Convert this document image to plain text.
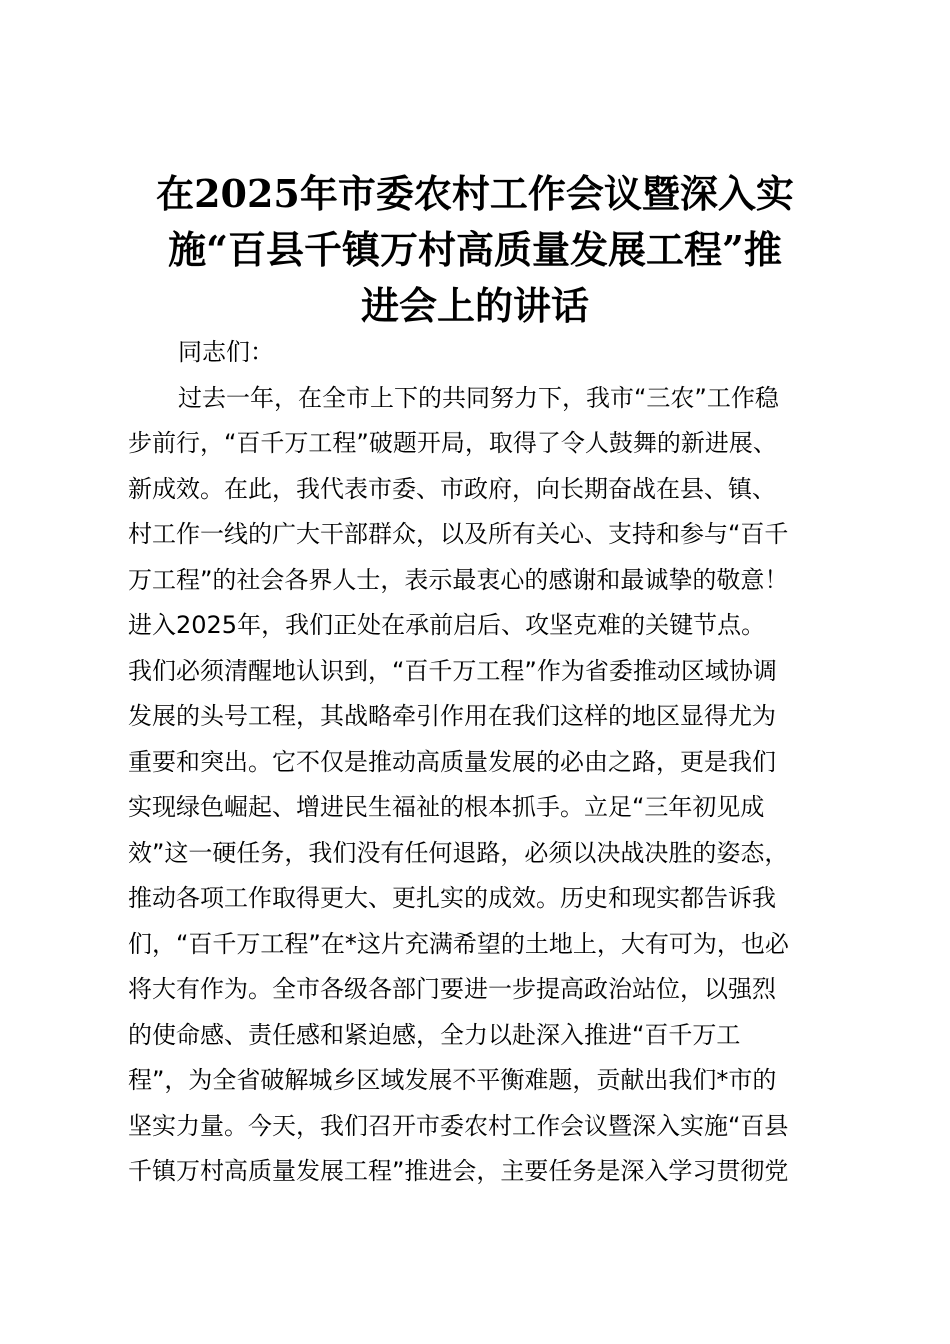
在2025年市委农村工作会议暨深入实
施“百县千镇万村高质量发展工程”推
进会上的讲话
同志们：
过去一年，在全市上下的共同努力下，我市“三农”工作稳
步前行，“百千万工程”破题开局，取得了令人鼓舞的新进展、
新成效。在此，我代表市委、市政府，向长期奋战在县、镇、
村工作一线的广大干部群众，以及所有关心、支持和参与“百千
万工程”的社会各界人士，表示最衷心的感谢和最诚挚的敬意！
进入2025年，我们正处在承前启后、攻坚克难的关键节点。
我们必须清醒地认识到，“百千万工程”作为省委推动区域协调
发展的头号工程，其战略牵引作用在我们这样的地区显得尤为
重要和突出。它不仅是推动高质量发展的必由之路，更是我们
实现绿色崛起、增进民生福祉的根本抓手。立足“三年初见成
效”这一硬任务，我们没有任何退路，必须以决战决胜的姿态，
推动各项工作取得更大、更扎实的成效。历史和现实都告诉我
们，“百千万工程”在*这片充满希望的土地上，大有可为，也必
将大有作为。全市各级各部门要进一步提高政治站位，以强烈
的使命感、责任感和紧迫感，全力以赴深入推进“百千万工
程”，为全省破解城乡区域发展不平衡难题，贡献出我们*市的
坚实力量。今天，我们召开市委农村工作会议暨深入实施“百县
千镇万村高质量发展工程”推进会，主要任务是深入学习贯彻党
